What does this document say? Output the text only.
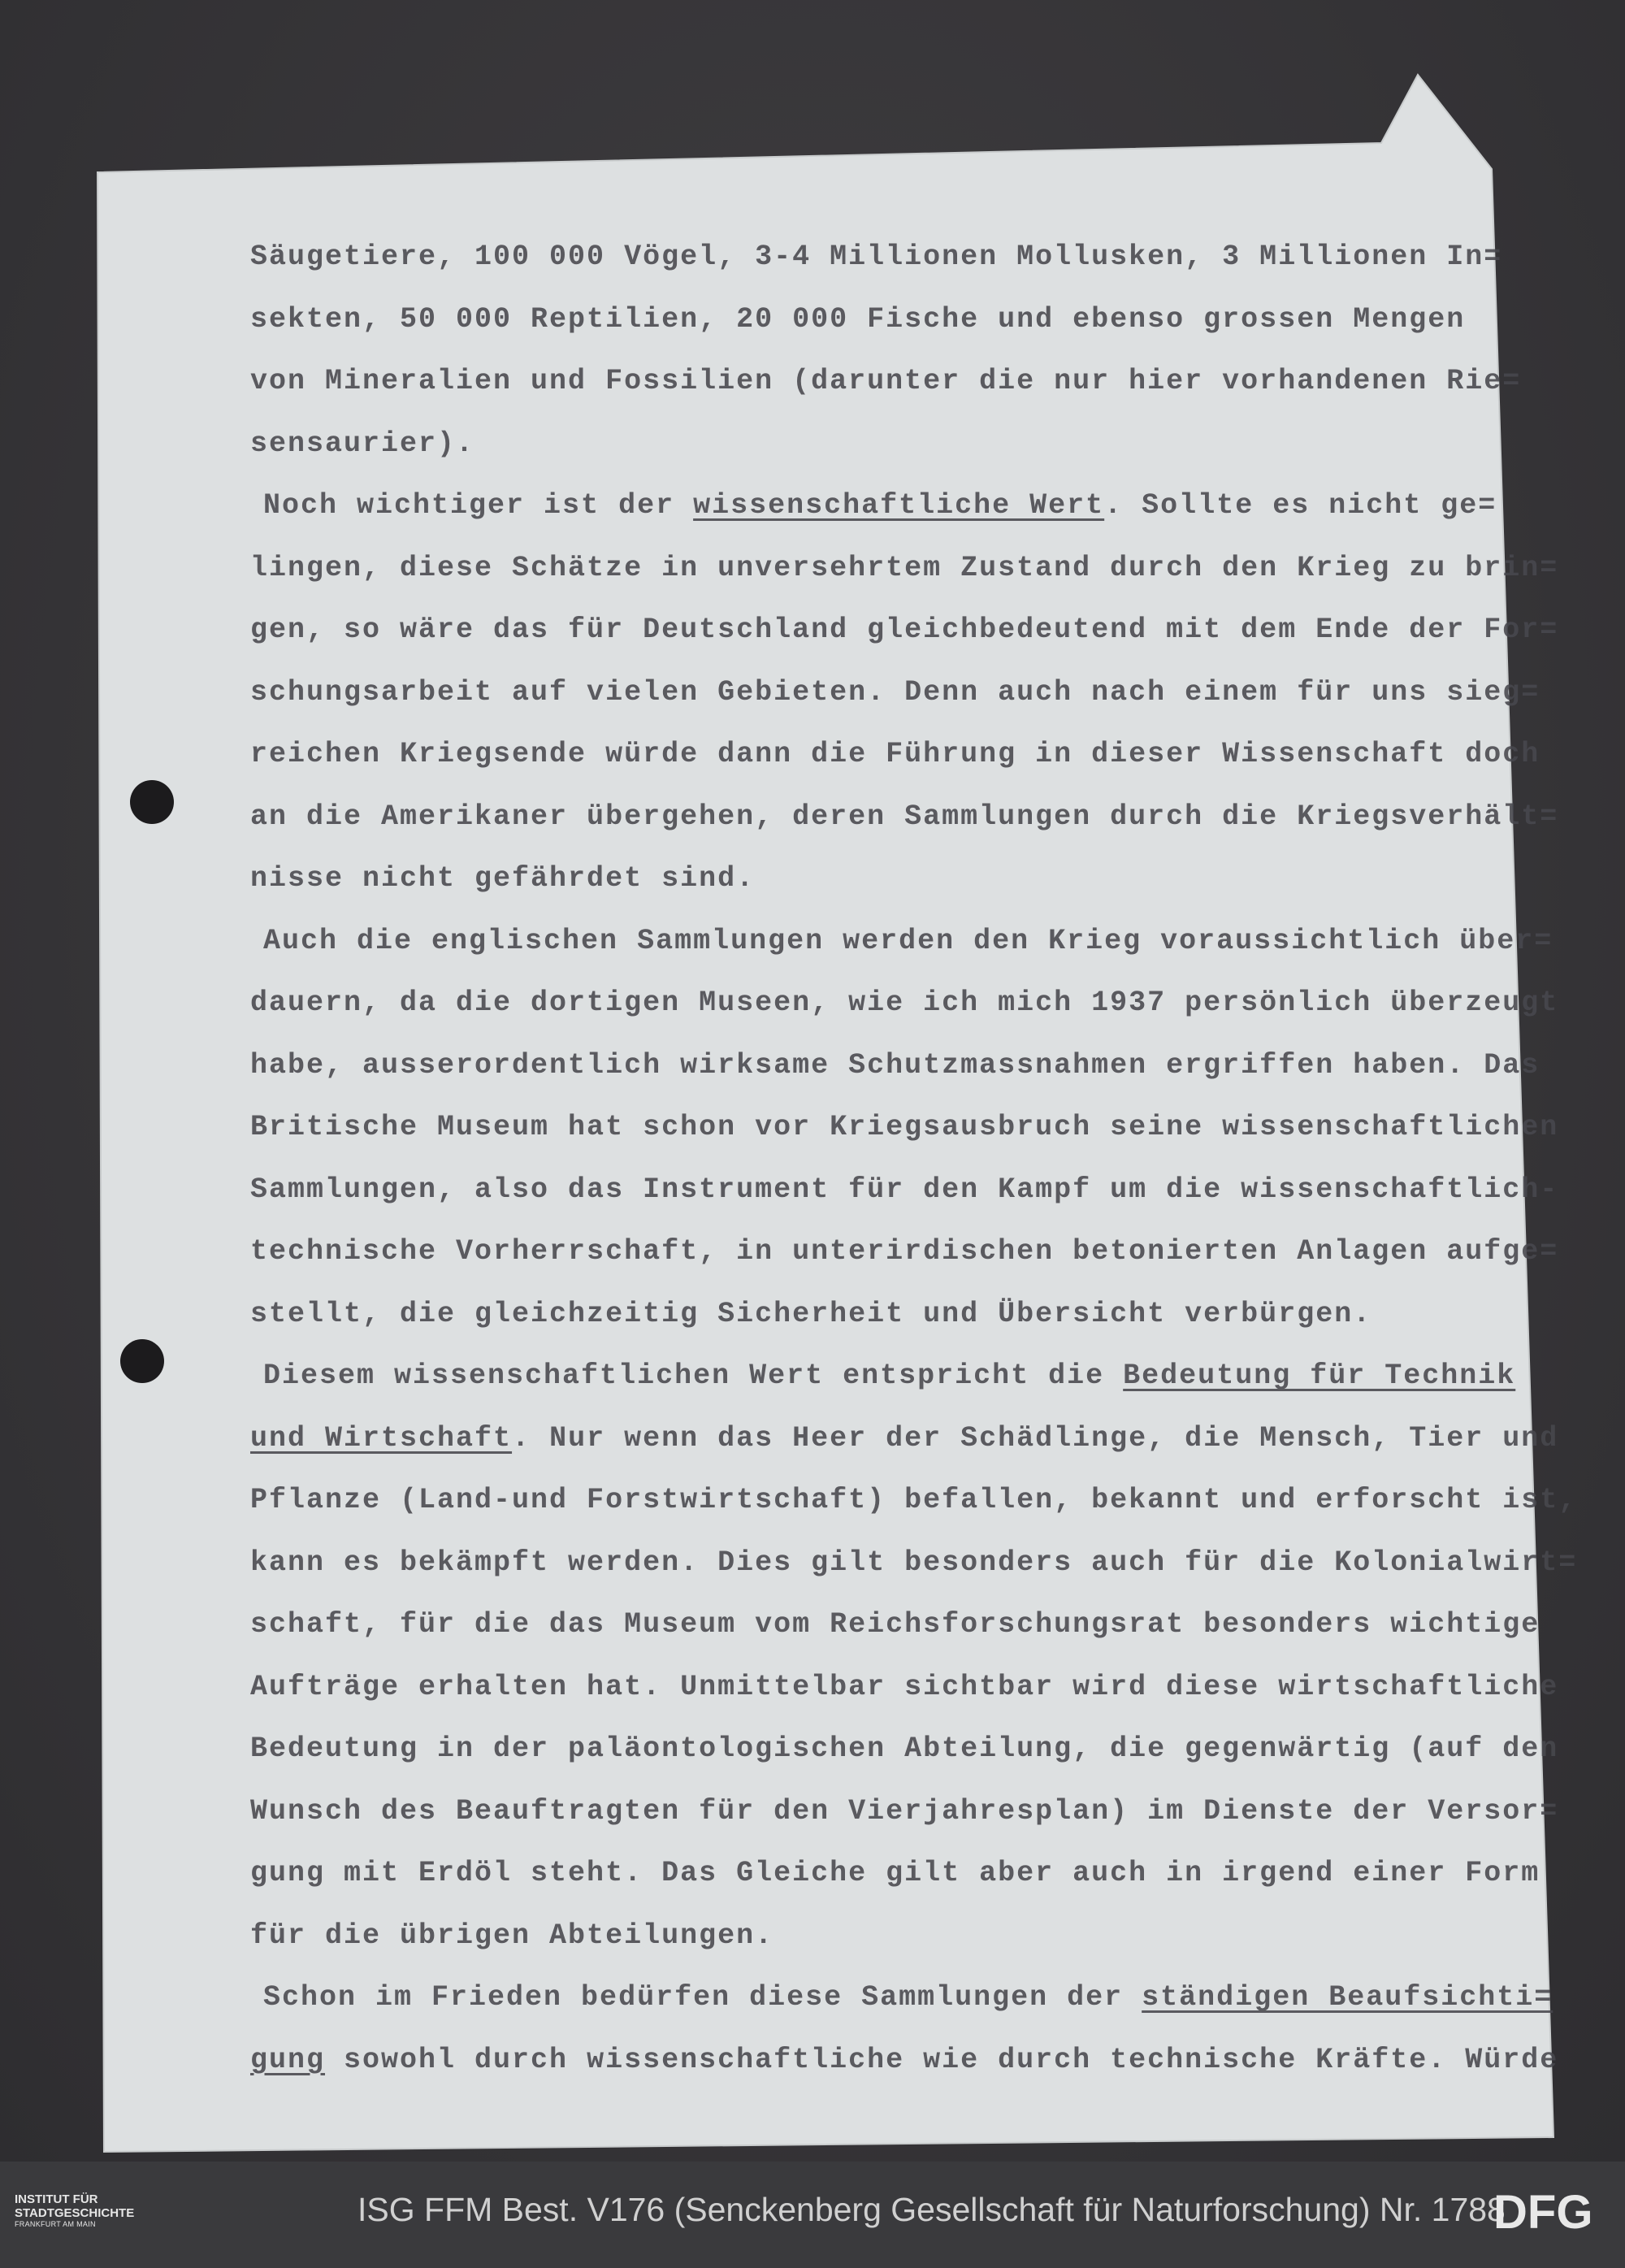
Säugetiere, 100 000 Vögel, 3-4 Millionen Mollusken, 3 Millionen In=
sekten, 50 000 Reptilien, 20 000 Fische und ebenso grossen Mengen
von Mineralien und Fossilien (darunter die nur hier vorhandenen Rie=
sensaurier).
Noch wichtiger ist der wissenschaftliche Wert. Sollte es nicht ge=
lingen, diese Schätze in unversehrtem Zustand durch den Krieg zu brin=
gen, so wäre das für Deutschland gleichbedeutend mit dem Ende der For=
schungsarbeit auf vielen Gebieten. Denn auch nach einem für uns sieg=
reichen Kriegsende würde dann die Führung in dieser Wissenschaft doch
an die Amerikaner übergehen, deren Sammlungen durch die Kriegsverhält=
nisse nicht gefährdet sind.
Auch die englischen Sammlungen werden den Krieg voraussichtlich über=
dauern, da die dortigen Museen, wie ich mich 1937 persönlich überzeugt
habe, ausserordentlich wirksame Schutzmassnahmen ergriffen haben. Das
Britische Museum hat schon vor Kriegsausbruch seine wissenschaftlichen
Sammlungen, also das Instrument für den Kampf um die wissenschaftlich-
technische Vorherrschaft, in unterirdischen betonierten Anlagen aufge=
stellt, die gleichzeitig Sicherheit und Übersicht verbürgen.
Diesem wissenschaftlichen Wert entspricht die Bedeutung für Technik
und Wirtschaft. Nur wenn das Heer der Schädlinge, die Mensch, Tier und
Pflanze (Land-und Forstwirtschaft) befallen, bekannt und erforscht ist,
kann es bekämpft werden. Dies gilt besonders auch für die Kolonialwirt=
schaft, für die das Museum vom Reichsforschungsrat besonders wichtige
Aufträge erhalten hat. Unmittelbar sichtbar wird diese wirtschaftliche
Bedeutung in der paläontologischen Abteilung, die gegenwärtig (auf den
Wunsch des Beauftragten für den Vierjahresplan) im Dienste der Versor=
gung mit Erdöl steht. Das Gleiche gilt aber auch in irgend einer Form
für die übrigen Abteilungen.
Schon im Frieden bedürfen diese Sammlungen der ständigen Beaufsichti=
gung sowohl durch wissenschaftliche wie durch technische Kräfte. Würde
INSTITUT FÜR
STADTGESCHICHTE
FRANKFURT AM MAIN	ISG FFM Best. V176 (Senckenberg Gesellschaft für Naturforschung) Nr. 1788
DFG
